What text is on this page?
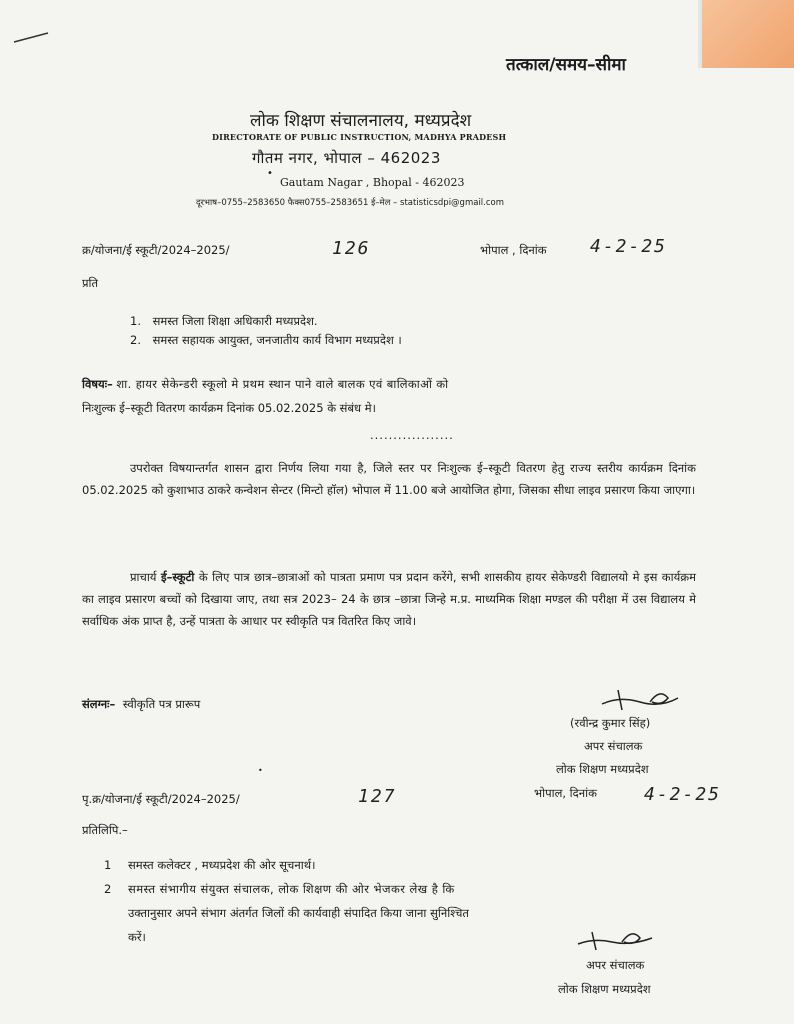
तत्काल/समय–सीमा
लोक शिक्षण संचालनालय, मध्यप्रदेश
DIRECTORATE OF PUBLIC INSTRUCTION, MADHYA PRADESH
गौतम नगर, भोपाल – 462023
Gautam Nagar , Bhopal - 462023
दूरभाष–0755–2583650 फैक्स0755–2583651 ई–मेल – statisticsdpi@gmail.com
•
क्र/योजना/ई स्कूटी/2024–2025/	126	भोपाल , दिनांक 4-2-25
प्रति
1. समस्त जिला शिक्षा अधिकारी मध्यप्रदेश.
2. समस्त सहायक आयुक्त, जनजातीय कार्य विभाग मध्यप्रदेश ।
विषयः– शा. हायर सेकेन्डरी स्कूलो मे प्रथम स्थान पाने वाले बालक एवं बालिकाओं को
निःशुल्क ई–स्कूटी वितरण कार्यक्रम दिनांक 05.02.2025 के संबंध मे।
..................
उपरोक्त विषयान्तर्गत शासन द्वारा निर्णय लिया गया है, जिले स्तर पर निःशुल्क ई–स्कूटी वितरण हेतु राज्य स्तरीय कार्यक्रम दिनांक 05.02.2025 को कुशाभाउ ठाकरे कन्वेशन सेन्टर (मिन्टो हॉल) भोपाल में 11.00 बजे आयोजित होगा, जिसका सीधा लाइव प्रसारण किया जाएगा।
प्राचार्य ई–स्कूटी के लिए पात्र छात्र–छात्राओं को पात्रता प्रमाण पत्र प्रदान करेंगे, सभी शासकीय हायर सेकेण्डरी विद्यालयो मे इस कार्यक्रम का लाइव प्रसारण बच्चों को दिखाया जाए, तथा सत्र 2023– 24 के छात्र –छात्रा जिन्हे म.प्र. माध्यमिक शिक्षा मण्डल की परीक्षा में उस विद्यालय मे सर्वाधिक अंक प्राप्त है, उन्हें पात्रता के आधार पर स्वीकृति पत्र वितरित किए जावे।
संलग्नः– स्वीकृति पत्र प्रारूप
(रवीन्द्र कुमार सिंह)
अपर संचालक
लोक शिक्षण मध्यप्रदेश
•
पृ.क्र/योजना/ई स्कूटी/2024–2025/	127	भोपाल, दिनांक	4-2-25
प्रतिलिपि.–
1 समस्त कलेक्टर , मध्यप्रदेश की ओर सूचनार्थ।
2 समस्त संभागीय संयुक्त संचालक, लोक शिक्षण की ओर भेजकर लेख है कि
उक्तानुसार अपने संभाग अंतर्गत जिलों की कार्यवाही संपादित किया जाना सुनिश्चित
करें।
अपर संचालक
लोक शिक्षण मध्यप्रदेश
